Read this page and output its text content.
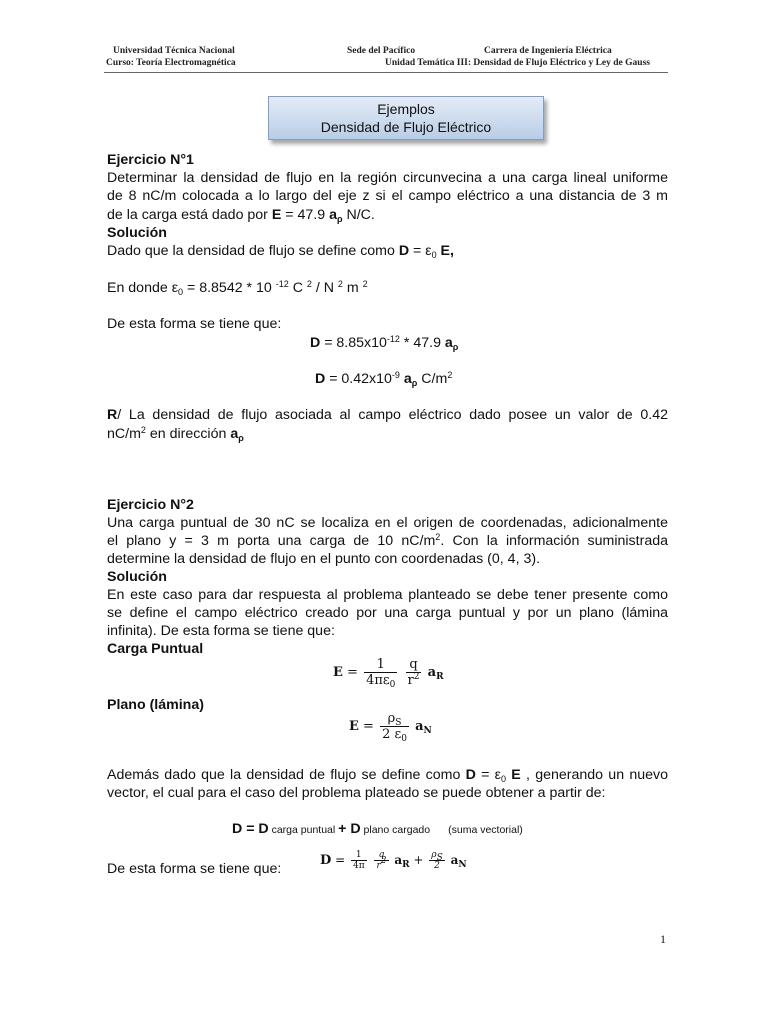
Universidad Técnica Nacional	Sede del Pacífico	Carrera de Ingeniería Eléctrica
Curso: Teoría Electromagnética	Unidad Temática III: Densidad de Flujo Eléctrico y Ley de Gauss
Ejemplos
Densidad de Flujo Eléctrico
Ejercicio N°1
Determinar la densidad de flujo en la región circunvecina a una carga lineal uniforme
de 8 nC/m colocada a lo largo del eje z si el campo eléctrico a una distancia de 3 m
de la carga está dado por E = 47.9 $a_\rho$ N/C.
Solución
Dado que la densidad de flujo se define como $D = \varepsilon_0$ E,
En donde $\varepsilon_0 = 8.8542 * 10$ $^{-12}$ C $^2$ / N $^2$ m $^2$
De esta forma se tiene que:
$D = 8.85x10^{-12} * 47.9$ $a_\rho$
$D = 0.42x10^{-9}$ $a_\rho$ $C/m^2$
R/ La densidad de flujo asociada al campo eléctrico dado posee un valor de 0.42
$nC/m^2$ en dirección $a_\rho$
Ejercicio N°2
Una carga puntual de 30 nC se localiza en el origen de coordenadas, adicionalmente
el plano y = 3 m porta una carga de 10 $nC/m^2$. Con la información suministrada
determine la densidad de flujo en el punto con coordenadas (0, 4, 3).
Solución
En este caso para dar respuesta al problema planteado se debe tener presente como
se define el campo eléctrico creado por una carga puntual y por un plano (lámina
infinita). De esta forma se tiene que:
Carga Puntual
$E = \frac{1}{4\pi\varepsilon_0}$
$\frac{q}{r^2} a_R$
Plano (lámina)
$E = \frac{\rho_S}{2 \varepsilon_0} a_N$
Además dado que la densidad de flujo se define como $D = \varepsilon_0$ E , generando un nuevo
vector, el cual para el caso del problema plateado se puede obtener a partir de:
D = D carga puntual + D plano cargado (suma vectorial)
De esta forma se tiene que:
$D = \frac{1}{4\pi}$
$\frac{q}{r^2} a_R + \frac{\rho_S}{2} a_N$
1
